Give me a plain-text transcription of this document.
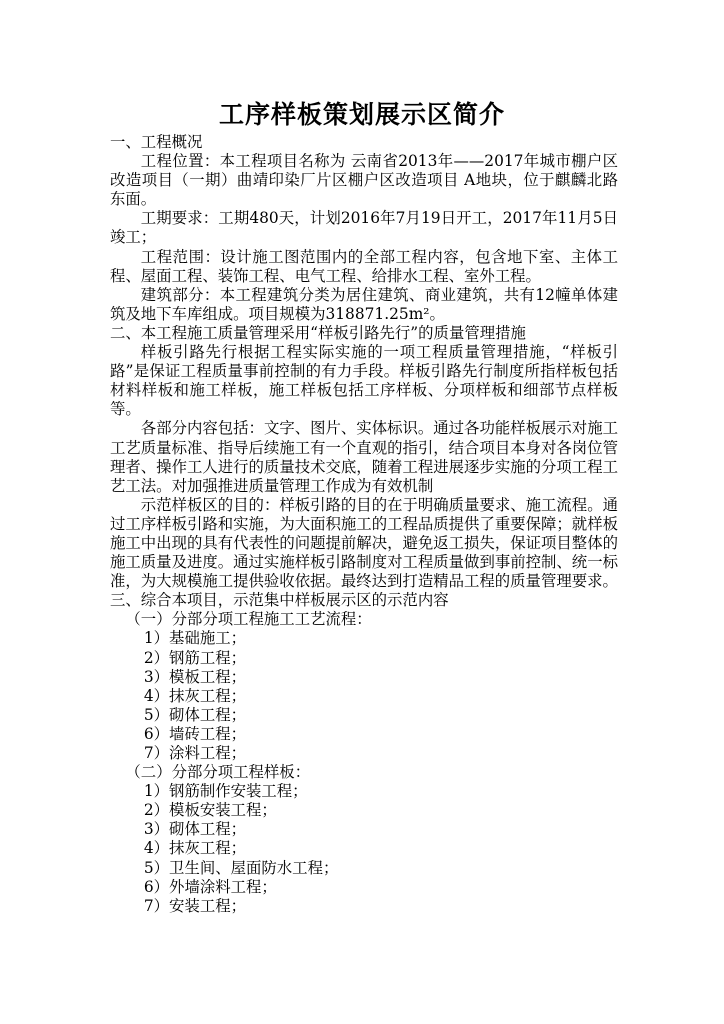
工序样板策划展示区简介

一、工程概况

工程位置：本工程项目名称为 云南省2013年——2017年城市棚户区改造项目（一期）曲靖印染厂片区棚户区改造项目 A地块，位于麒麟北路东面。

工期要求：工期480天，计划2016年7月19日开工，2017年11月5日竣工；

工程范围：设计施工图范围内的全部工程内容，包含地下室、主体工程、屋面工程、装饰工程、电气工程、给排水工程、室外工程。

建筑部分：本工程建筑分类为居住建筑、商业建筑，共有12幢单体建筑及地下车库组成。项目规模为318871.25m²。

二、本工程施工质量管理采用“样板引路先行”的质量管理措施

样板引路先行根据工程实际实施的一项工程质量管理措施，“样板引路”是保证工程质量事前控制的有力手段。样板引路先行制度所指样板包括材料样板和施工样板，施工样板包括工序样板、分项样板和细部节点样板等。

各部分内容包括：文字、图片、实体标识。通过各功能样板展示对施工工艺质量标准、指导后续施工有一个直观的指引，结合项目本身对各岗位管理者、操作工人进行的质量技术交底，随着工程进展逐步实施的分项工程工艺工法。对加强推进质量管理工作成为有效机制

示范样板区的目的：样板引路的目的在于明确质量要求、施工流程。通过工序样板引路和实施，为大面积施工的工程品质提供了重要保障；就样板施工中出现的具有代表性的问题提前解决，避免返工损失，保证项目整体的施工质量及进度。通过实施样板引路制度对工程质量做到事前控制、统一标准，为大规模施工提供验收依据。最终达到打造精品工程的质量管理要求。

三、综合本项目，示范集中样板展示区的示范内容

（一）分部分项工程施工工艺流程：

1）基础施工；

2）钢筋工程；

3）模板工程；

4）抹灰工程；

5）砌体工程；

6）墙砖工程；

7）涂料工程；

（二）分部分项工程样板：

1）钢筋制作安装工程；

2）模板安装工程；

3）砌体工程；

4）抹灰工程；

5）卫生间、屋面防水工程；

6）外墙涂料工程；

7）安装工程；
